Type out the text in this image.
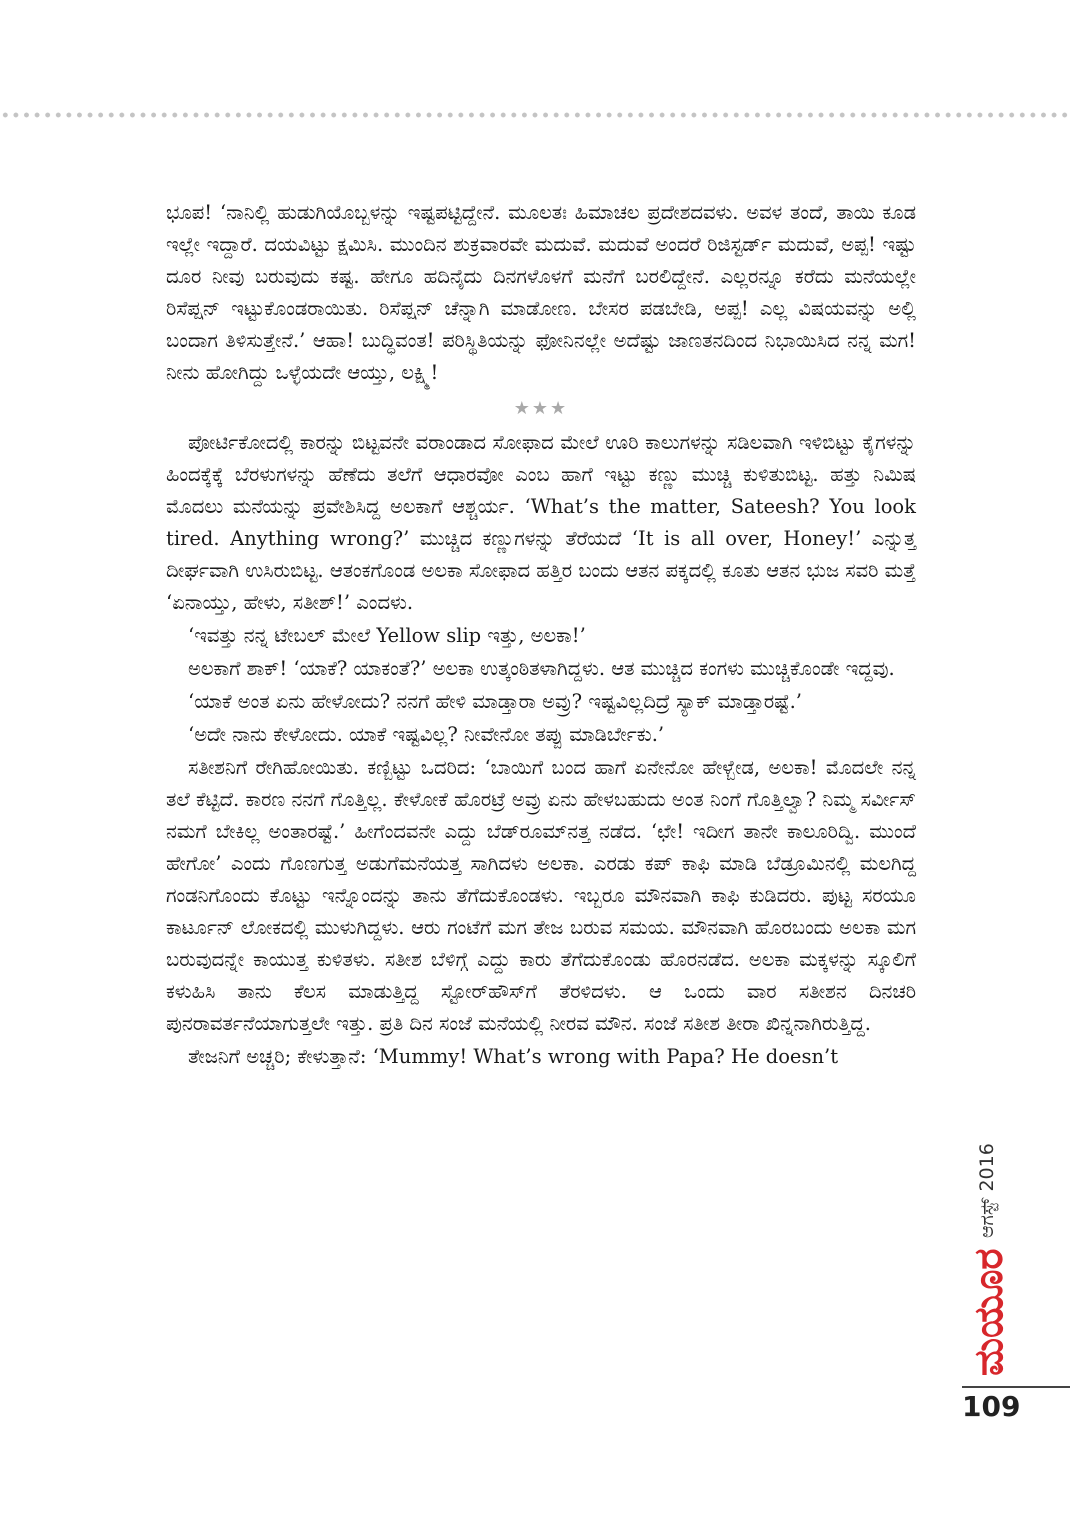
ಭೂಪ! ‘ನಾನಿಲ್ಲಿ ಹುಡುಗಿಯೊಬ್ಬಳನ್ನು ಇಷ್ಟಪಟ್ಟಿದ್ದೇನೆ. ಮೂಲತಃ ಹಿಮಾಚಲ ಪ್ರದೇಶದವಳು. ಅವಳ ತಂದೆ, ತಾಯಿ ಕೂಡ ಇಲ್ಲೇ ಇದ್ದಾರೆ. ದಯವಿಟ್ಟು ಕ್ಷಮಿಸಿ. ಮುಂದಿನ ಶುಕ್ರವಾರವೇ ಮದುವೆ. ಮದುವೆ ಅಂದರೆ ರಿಜಿಸ್ಟರ್ಡ್ ಮದುವೆ, ಅಪ್ಪ! ಇಷ್ಟು ದೂರ ನೀವು ಬರುವುದು ಕಷ್ಟ. ಹೇಗೂ ಹದಿನೈದು ದಿನಗಳೊಳಗೆ ಮನೆಗೆ ಬರಲಿದ್ದೇನೆ. ಎಲ್ಲರನ್ನೂ ಕರೆದು ಮನೆಯಲ್ಲೇ ರಿಸೆಪ್ಷನ್ ಇಟ್ಟುಕೊಂಡರಾಯಿತು. ರಿಸೆಪ್ಷನ್ ಚೆನ್ನಾಗಿ ಮಾಡೋಣ. ಬೇಸರ ಪಡಬೇಡಿ, ಅಪ್ಪ! ಎಲ್ಲ ವಿಷಯವನ್ನು ಅಲ್ಲಿ ಬಂದಾಗ ತಿಳಿಸುತ್ತೇನೆ.’ ಆಹಾ! ಬುದ್ಧಿವಂತ! ಪರಿಸ್ಥಿತಿಯನ್ನು ಫೋನಿನಲ್ಲೇ ಅದೆಷ್ಟು ಜಾಣತನದಿಂದ ನಿಭಾಯಿಸಿದ ನನ್ನ ಮಗ! ನೀನು ಹೋಗಿದ್ದು ಒಳ್ಳೆಯದೇ ಆಯ್ತು, ಲಕ್ಷ್ಮಿ!

★★★

ಪೋರ್ಟಿಕೋದಲ್ಲಿ ಕಾರನ್ನು ಬಿಟ್ಟವನೇ ವರಾಂಡಾದ ಸೋಫಾದ ಮೇಲೆ ಊರಿ ಕಾಲುಗಳನ್ನು ಸಡಿಲವಾಗಿ ಇಳಿಬಿಟ್ಟು ಕೈಗಳನ್ನು ಹಿಂದಕ್ಕೆಕ್ಕೆ ಬೆರಳುಗಳನ್ನು ಹೆಣೆದು ತಲೆಗೆ ಆಧಾರವೋ ಎಂಬ ಹಾಗೆ ಇಟ್ಟು ಕಣ್ಣು ಮುಚ್ಚಿ ಕುಳಿತುಬಿಟ್ಟ. ಹತ್ತು ನಿಮಿಷ ಮೊದಲು ಮನೆಯನ್ನು ಪ್ರವೇಶಿಸಿದ್ದ ಅಲಕಾಗೆ ಆಶ್ಚರ್ಯ. ‘What’s the matter, Sateesh? You look tired. Anything wrong?’ ಮುಚ್ಚಿದ ಕಣ್ಣುಗಳನ್ನು ತೆರೆಯದೆ ‘It is all over, Honey!’ ಎನ್ನುತ್ತ ದೀರ್ಘವಾಗಿ ಉಸಿರುಬಿಟ್ಟ. ಆತಂಕಗೊಂಡ ಅಲಕಾ ಸೋಫಾದ ಹತ್ತಿರ ಬಂದು ಆತನ ಪಕ್ಕದಲ್ಲಿ ಕೂತು ಆತನ ಭುಜ ಸವರಿ ಮತ್ತೆ ‘ಏನಾಯ್ತು, ಹೇಳು, ಸತೀಶ್!’ ಎಂದಳು.

‘ಇವತ್ತು ನನ್ನ ಟೇಬಲ್ ಮೇಲೆ Yellow slip ಇತ್ತು, ಅಲಕಾ!’

ಅಲಕಾಗೆ ಶಾಕ್! ‘ಯಾಕೆ? ಯಾಕಂತೆ?’ ಅಲಕಾ ಉತ್ಕಂಠಿತಳಾಗಿದ್ದಳು. ಆತ ಮುಚ್ಚಿದ ಕಂಗಳು ಮುಚ್ಚಿಕೊಂಡೇ ಇದ್ದವು.

‘ಯಾಕೆ ಅಂತ ಏನು ಹೇಳೋದು? ನನಗೆ ಹೇಳಿ ಮಾಡ್ತಾರಾ ಅವ್ರು? ಇಷ್ಟವಿಲ್ಲದಿದ್ರೆ ಸ್ಯಾಕ್ ಮಾಡ್ತಾರಷ್ಟೆ.’

‘ಅದೇ ನಾನು ಕೇಳೋದು. ಯಾಕೆ ಇಷ್ಟವಿಲ್ಲ? ನೀವೇನೋ ತಪ್ಪು ಮಾಡಿರ್ಬೇಕು.’

ಸತೀಶನಿಗೆ ರೇಗಿಹೋಯಿತು. ಕಣ್ಬಿಟ್ಟು ಒದರಿದ: ‘ಬಾಯಿಗೆ ಬಂದ ಹಾಗೆ ಏನೇನೋ ಹೇಳ್ಬೇಡ, ಅಲಕಾ! ಮೊದಲೇ ನನ್ನ ತಲೆ ಕೆಟ್ಟಿದೆ. ಕಾರಣ ನನಗೆ ಗೊತ್ತಿಲ್ಲ. ಕೇಳೋಕೆ ಹೊರಟ್ರೆ ಅವ್ರು ಏನು ಹೇಳಬಹುದು ಅಂತ ನಿಂಗೆ ಗೊತ್ತಿಲ್ವಾ? ನಿಮ್ಮ ಸರ್ವೀಸ್ ನಮಗೆ ಬೇಕಿಲ್ಲ ಅಂತಾರಷ್ಟೆ.’ ಹೀಗೆಂದವನೇ ಎದ್ದು ಬೆಡ್‌ರೂಮ್‌ನತ್ತ ನಡೆದ. ‘ಛೇ! ಇದೀಗ ತಾನೇ ಕಾಲೂರಿದ್ವಿ. ಮುಂದೆ ಹೇಗೋ’ ಎಂದು ಗೊಣಗುತ್ತ ಅಡುಗೆಮನೆಯತ್ತ ಸಾಗಿದಳು ಅಲಕಾ. ಎರಡು ಕಪ್ ಕಾಫಿ ಮಾಡಿ ಬೆಡ್ರೂಮಿನಲ್ಲಿ ಮಲಗಿದ್ದ ಗಂಡನಿಗೊಂದು ಕೊಟ್ಟು ಇನ್ನೊಂದನ್ನು ತಾನು ತೆಗೆದುಕೊಂಡಳು. ಇಬ್ಬರೂ ಮೌನವಾಗಿ ಕಾಫಿ ಕುಡಿದರು. ಪುಟ್ಟ ಸರಯೂ ಕಾರ್ಟೂನ್ ಲೋಕದಲ್ಲಿ ಮುಳುಗಿದ್ದಳು. ಆರು ಗಂಟೆಗೆ ಮಗ ತೇಜ ಬರುವ ಸಮಯ. ಮೌನವಾಗಿ ಹೊರಬಂದು ಅಲಕಾ ಮಗ ಬರುವುದನ್ನೇ ಕಾಯುತ್ತ ಕುಳಿತಳು. ಸತೀಶ ಬೆಳಿಗ್ಗೆ ಎದ್ದು ಕಾರು ತೆಗೆದುಕೊಂಡು ಹೊರನಡೆದ. ಅಲಕಾ ಮಕ್ಕಳನ್ನು ಸ್ಕೂಲಿಗೆ ಕಳುಹಿಸಿ ತಾನು ಕೆಲಸ ಮಾಡುತ್ತಿದ್ದ ಸ್ಟೋರ್‌ಹೌಸ್‌ಗೆ ತೆರಳಿದಳು. ಆ ಒಂದು ವಾರ ಸತೀಶನ ದಿನಚರಿ ಪುನರಾವರ್ತನೆಯಾಗುತ್ತಲೇ ಇತ್ತು. ಪ್ರತಿ ದಿನ ಸಂಜೆ ಮನೆಯಲ್ಲಿ ನೀರವ ಮೌನ. ಸಂಜೆ ಸತೀಶ ತೀರಾ ಖಿನ್ನನಾಗಿರುತ್ತಿದ್ದ.

ತೇಜನಿಗೆ ಅಚ್ಚರಿ; ಕೇಳುತ್ತಾನೆ: ‘Mummy! What’s wrong with Papa? He doesn’t

ಆಗಸ್ಟ್ 2016
ಮಯೂರ
109
